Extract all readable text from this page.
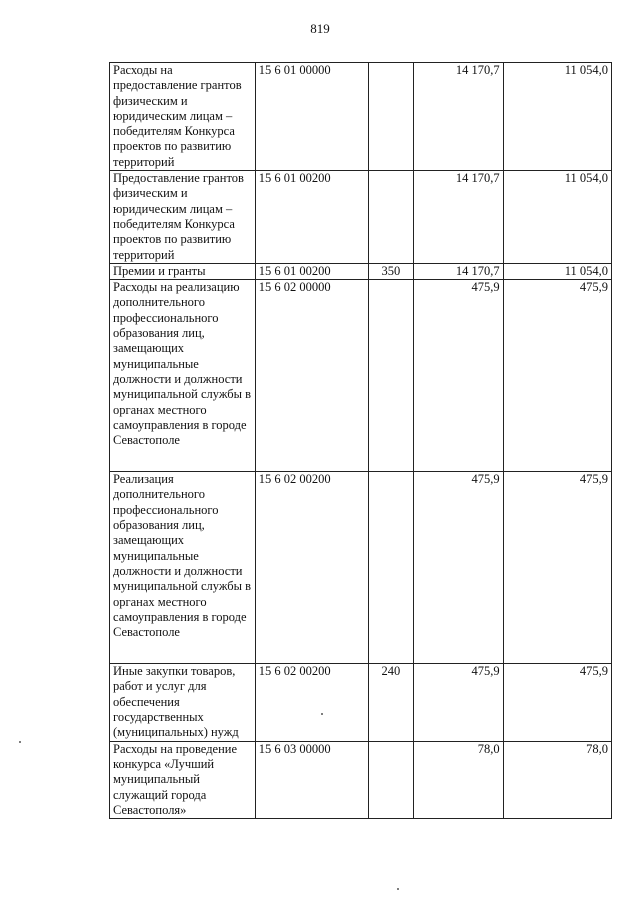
819
Расходы на предоставление грантов физическим и юридическим лицам – победителям Конкурса проектов по развитию территорий	15 6 01 00000		14 170,7	11 054,0
Предоставление грантов физическим и юридическим лицам – победителям Конкурса проектов по развитию территорий	15 6 01 00200		14 170,7	11 054,0
Премии и гранты	15 6 01 00200	350	14 170,7	11 054,0
Расходы на реализацию дополнительного профессионального образования лиц, замещающих муниципальные должности и должности муниципальной службы в органах местного самоуправления в городе Севастополе	15 6 02 00000		475,9	475,9
Реализация дополнительного профессионального образования лиц, замещающих муниципальные должности и должности муниципальной службы в органах местного самоуправления в городе Севастополе	15 6 02 00200		475,9	475,9
Иные закупки товаров, работ и услуг для обеспечения государственных (муниципальных) нужд	15 6 02 00200	240	475,9	475,9
Расходы на проведение конкурса «Лучший муниципальный служащий города Севастополя»	15 6 03 00000		78,0	78,0
